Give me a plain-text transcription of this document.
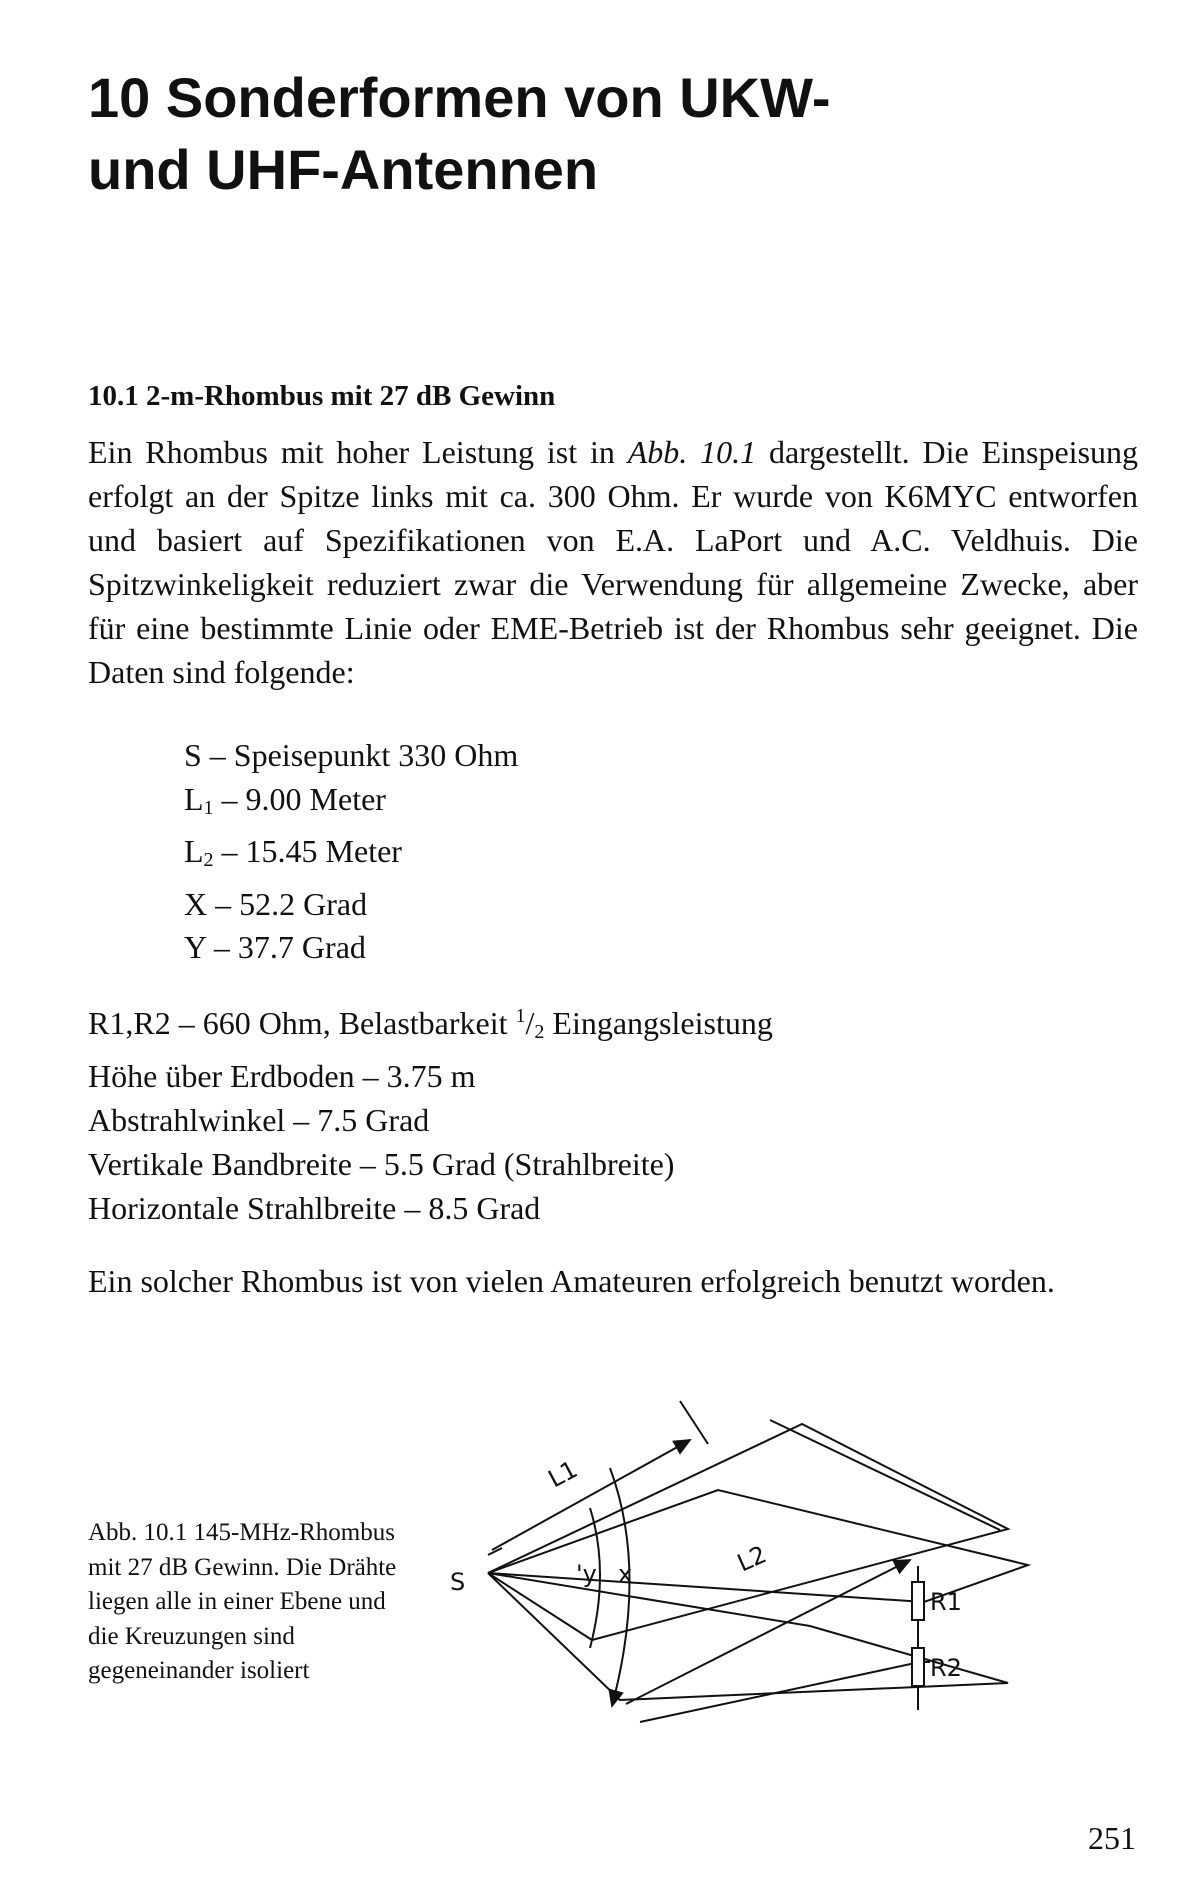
10 Sonderformen von UKW-
und UHF-Antennen
10.1 2-m-Rhombus mit 27 dB Gewinn

Ein Rhombus mit hoher Leistung ist in Abb. 10.1 dargestellt. Die Einspeisung erfolgt an der Spitze links mit ca. 300 Ohm. Er wurde von K6MYC entworfen und basiert auf Spezifikationen von E.A. LaPort und A.C. Veldhuis. Die Spitzwinkeligkeit reduziert zwar die Verwendung für allgemeine Zwecke, aber für eine bestimmte Linie oder EME-Betrieb ist der Rhombus sehr geeignet. Die Daten sind folgende:

S – Speisepunkt 330 Ohm
$L_1 - 9.00$ Meter
$L_2 - 15.45$ Meter
X – 52.2 Grad
Y – 37.7 Grad
R1,R2 – 660 Ohm, Belastbarkeit $^1/_2$ Eingangsleistung
Höhe über Erdboden – 3.75 m
Abstrahlwinkel – 7.5 Grad
Vertikale Bandbreite – 5.5 Grad (Strahlbreite)
Horizontale Strahlbreite – 8.5 Grad

Ein solcher Rhombus ist von vielen Amateuren erfolgreich benutzt worden.

Abb. 10.1 145-MHz-Rhombus mit 27 dB Gewinn. Die Drähte liegen alle in einer Ebene und die Kreuzungen sind gegeneinander isoliert

S
L1
L2
'y x
R1
R2

251
